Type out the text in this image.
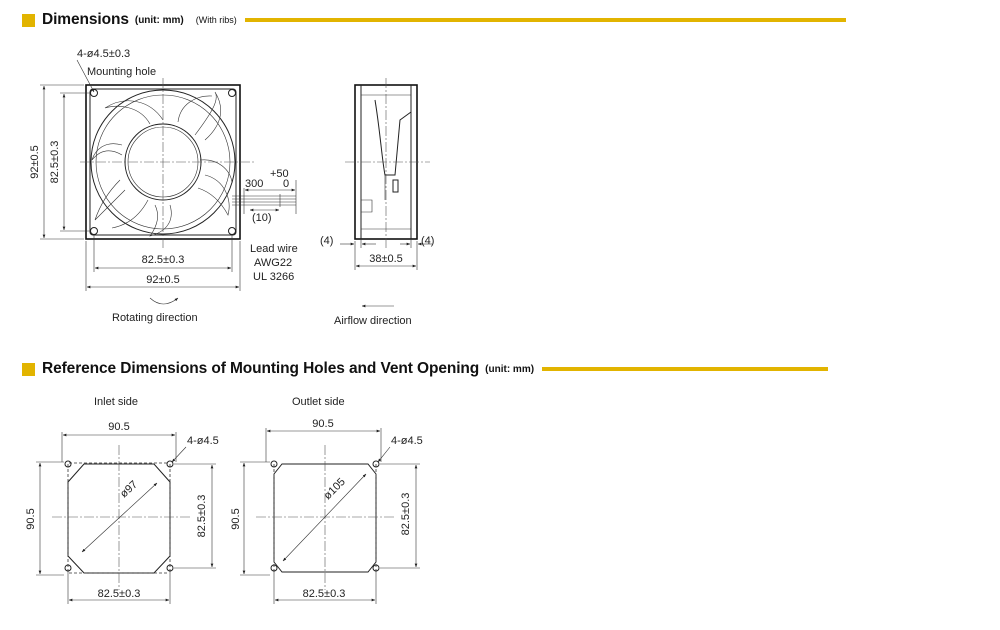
Dimensions (unit: mm) (With ribs)
Reference Dimensions of Mounting Holes and Vent Opening (unit: mm)
4-ø4.5±0.3
Mounting hole
92±0.5 82.5±0.3
82.5±0.3
92±0.5
300
+50
0
(10)
Lead wire
AWG22
UL 3266
Rotating direction
(4)	(4)
38±0.5
Airflow direction
Inlet side
ø97
90.5
4-ø4.5
90.5	82.5±0.3
82.5±0.3
Outlet side
ø105
90.5
4-ø4.5
90.5	82.5±0.3
82.5±0.3
